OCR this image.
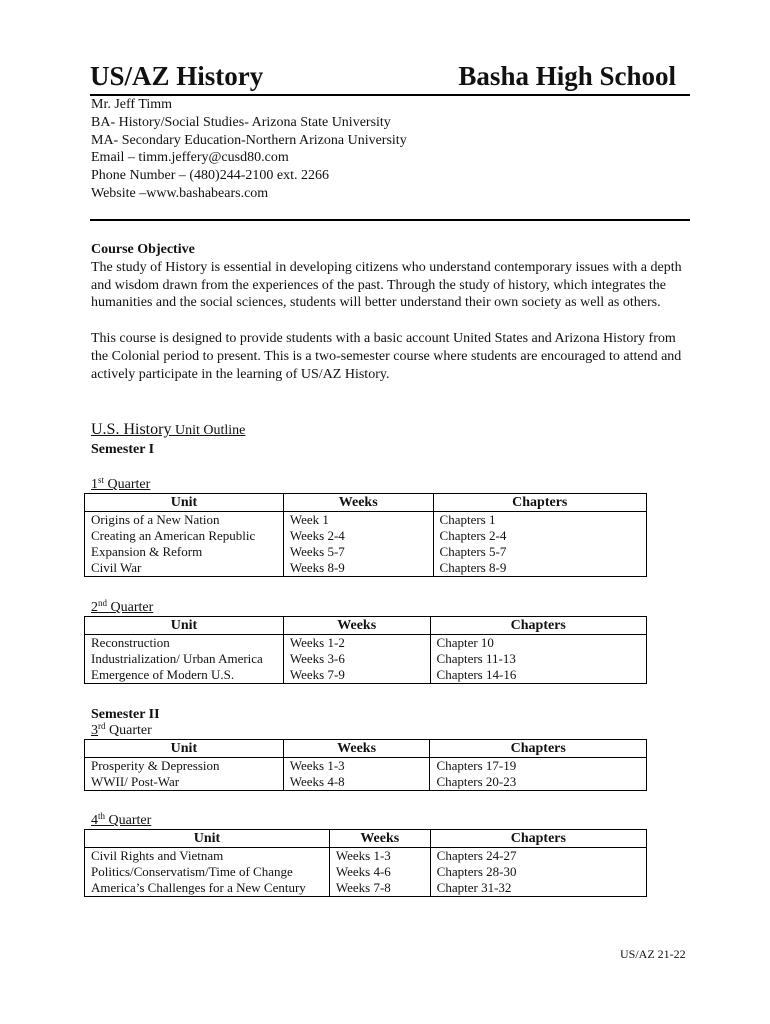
US/AZ History	Basha High School
Mr. Jeff Timm
BA- History/Social Studies- Arizona State University
MA- Secondary Education-Northern Arizona University
Email – timm.jeffery@cusd80.com
Phone Number – (480)244-2100 ext. 2266
Website –www.bashabears.com
Course Objective

The study of History is essential in developing citizens who understand contemporary issues with a depth and wisdom drawn from the experiences of the past. Through the study of history, which integrates the humanities and the social sciences, students will better understand their own society as well as others.

This course is designed to provide students with a basic account United States and Arizona History from the Colonial period to present. This is a two-semester course where students are encouraged to attend and actively participate in the learning of US/AZ History.

U.S. History Unit Outline
Semester I
1st Quarter
Unit	Weeks	Chapters
Origins of a New Nation	Week 1	Chapters 1
Creating an American Republic	Weeks 2-4	Chapters 2-4
Expansion & Reform	Weeks 5-7	Chapters 5-7
Civil War	Weeks 8-9	Chapters 8-9
2nd Quarter
Unit	Weeks	Chapters
Reconstruction	Weeks 1-2	Chapter 10
Industrialization/ Urban America	Weeks 3-6	Chapters 11-13
Emergence of Modern U.S.	Weeks 7-9	Chapters 14-16
Semester II
3rd Quarter
Unit	Weeks	Chapters
Prosperity & Depression	Weeks 1-3	Chapters 17-19
WWII/ Post-War	Weeks 4-8	Chapters 20-23
4th Quarter
Unit	Weeks	Chapters
Civil Rights and Vietnam	Weeks 1-3	Chapters 24-27
Politics/Conservatism/Time of Change	Weeks 4-6	Chapters 28-30
America’s Challenges for a New Century	Weeks 7-8	Chapter 31-32
US/AZ 21-22
